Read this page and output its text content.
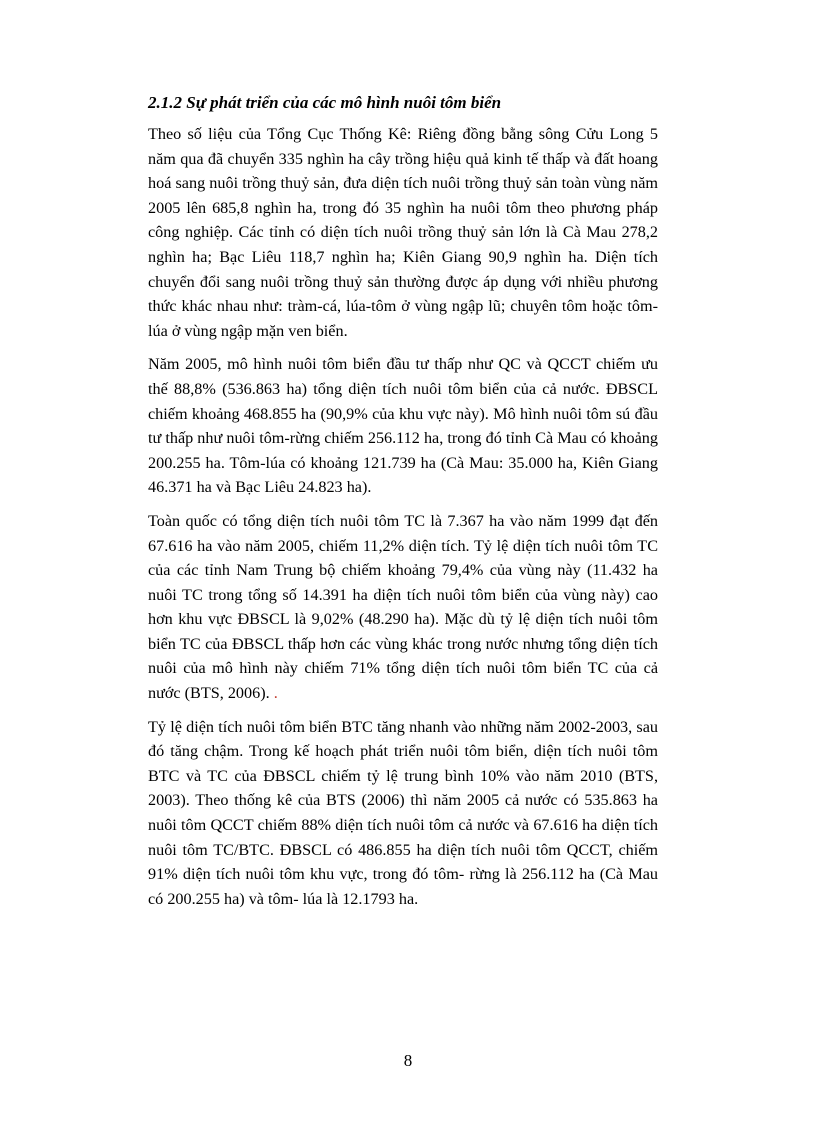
2.1.2 Sự phát triển của các mô hình nuôi tôm biển

Theo số liệu của Tổng Cục Thống Kê: Riêng đồng bằng sông Cửu Long 5 năm qua đã chuyển 335 nghìn ha cây trồng hiệu quả kinh tế thấp và đất hoang hoá sang nuôi trồng thuỷ sản, đưa diện tích nuôi trồng thuỷ sản toàn vùng năm 2005 lên 685,8 nghìn ha, trong đó 35 nghìn ha nuôi tôm theo phương pháp công nghiệp. Các tỉnh có diện tích nuôi trồng thuỷ sản lớn là Cà Mau 278,2 nghìn ha; Bạc Liêu 118,7 nghìn ha; Kiên Giang 90,9 nghìn ha. Diện tích chuyển đổi sang nuôi trồng thuỷ sản thường được áp dụng với nhiều phương thức khác nhau như: tràm-cá, lúa-tôm ở vùng ngập lũ; chuyên tôm hoặc tôm-lúa ở vùng ngập mặn ven biển.

Năm 2005, mô hình nuôi tôm biển đầu tư thấp như QC và QCCT chiếm ưu thế 88,8% (536.863 ha) tổng diện tích nuôi tôm biển của cả nước. ĐBSCL chiếm khoảng 468.855 ha (90,9% của khu vực này). Mô hình nuôi tôm sú đầu tư thấp như nuôi tôm-rừng chiếm 256.112 ha, trong đó tỉnh Cà Mau có khoảng 200.255 ha. Tôm-lúa có khoảng 121.739 ha (Cà Mau: 35.000 ha, Kiên Giang 46.371 ha và Bạc Liêu 24.823 ha).

Toàn quốc có tổng diện tích nuôi tôm TC là 7.367 ha vào năm 1999 đạt đến 67.616 ha vào năm 2005, chiếm 11,2% diện tích. Tỷ lệ diện tích nuôi tôm TC của các tỉnh Nam Trung bộ chiếm khoảng 79,4% của vùng này (11.432 ha nuôi TC trong tổng số 14.391 ha diện tích nuôi tôm biển của vùng này) cao hơn khu vực ĐBSCL là 9,02% (48.290 ha). Mặc dù tỷ lệ diện tích nuôi tôm biển TC của ĐBSCL thấp hơn các vùng khác trong nước nhưng tổng diện tích nuôi của mô hình này chiếm 71% tổng diện tích nuôi tôm biển TC của cả nước (BTS, 2006). .

Tỷ lệ diện tích nuôi tôm biển BTC tăng nhanh vào những năm 2002-2003, sau đó tăng chậm. Trong kế hoạch phát triển nuôi tôm biển, diện tích nuôi tôm BTC và TC của ĐBSCL chiếm tỷ lệ trung bình 10% vào năm 2010 (BTS, 2003). Theo thống kê của BTS (2006) thì năm 2005 cả nước có 535.863 ha nuôi tôm QCCT chiếm 88% diện tích nuôi tôm cả nước và 67.616 ha diện tích nuôi tôm TC/BTC. ĐBSCL có 486.855 ha diện tích nuôi tôm QCCT, chiếm 91% diện tích nuôi tôm khu vực, trong đó tôm- rừng là 256.112 ha (Cà Mau có 200.255 ha) và tôm- lúa là 12.1793 ha.

8
